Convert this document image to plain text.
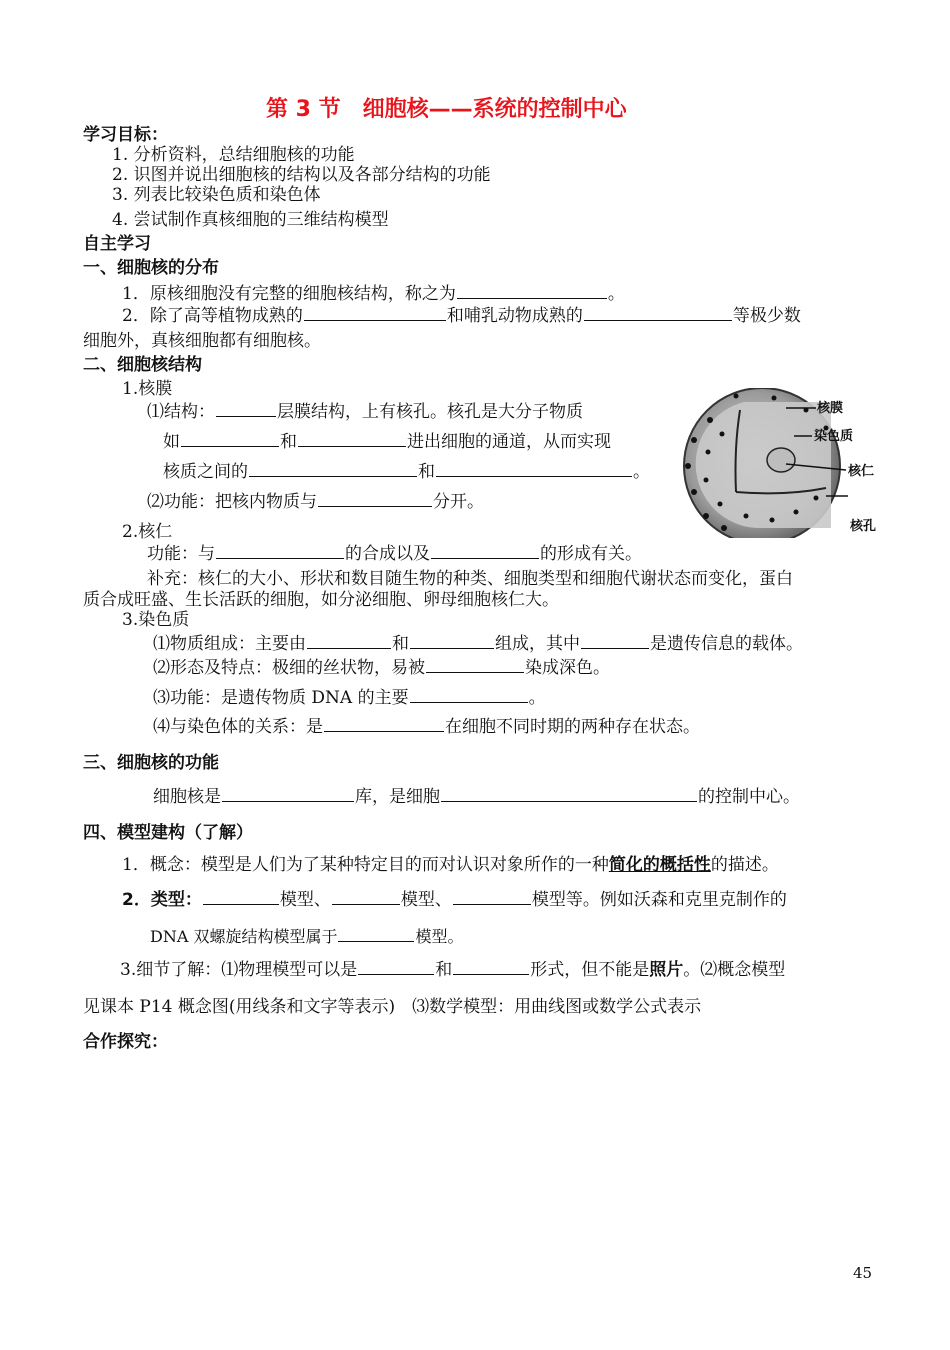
第 3 节　细胞核——系统的控制中心
学习目标：
1. 分析资料，总结细胞核的功能
2. 识图并说出细胞核的结构以及各部分结构的功能
3. 列表比较染色质和染色体
4. 尝试制作真核细胞的三维结构模型
自主学习
一、细胞核的分布
1．原核细胞没有完整的细胞核结构，称之为	。
2．除了高等植物成熟的	和哺乳动物成熟的	等极少数
细胞外，真核细胞都有细胞核。
二、细胞核结构
1.核膜
⑴结构：	层膜结构，上有核孔。核孔是大分子物质
如	和	进出细胞的通道，从而实现
核质之间的	和	。
⑵功能：把核内物质与	分开。
2.核仁
功能：与	的合成以及	的形成有关。
补充：核仁的大小、形状和数目随生物的种类、细胞类型和细胞代谢状态而变化，蛋白
质合成旺盛、生长活跃的细胞，如分泌细胞、卵母细胞核仁大。
3.染色质
⑴物质组成：主要由	和	组成，其中	是遗传信息的载体。
⑵形态及特点：极细的丝状物，易被	染成深色。
⑶功能：是遗传物质 DNA 的主要	。
⑷与染色体的关系：是	在细胞不同时期的两种存在状态。
核膜
染色质
核仁
核孔
三、细胞核的功能
细胞核是	库，是细胞	的控制中心。
四、模型建构（了解）
1．概念：模型是人们为了某种特定目的而对认识对象所作的一种简化的概括性的描述。
2．类型：	模型、	模型、	模型等。例如沃森和克里克制作的
DNA 双螺旋结构模型属于	模型。
3.细节了解：⑴物理模型可以是	和	形式，但不能是照片。⑵概念模型
见课本 P14 概念图(用线条和文字等表示)　⑶数学模型：用曲线图或数学公式表示
合作探究：
45
